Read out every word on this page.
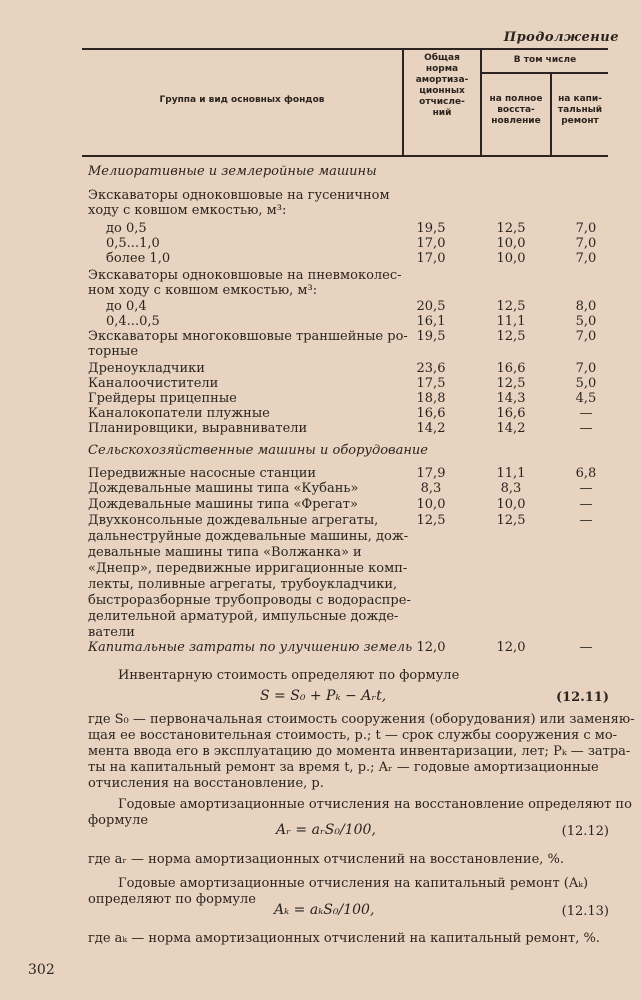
Продолжение
Группа и вид основных фондов
Общая
норма
амортиза-
ционных
отчисле-
ний
В том числе
на полное
восста-
новление
на капи-
тальный
ремонт
Мелиоративные и землеройные машины
Экскаваторы одноковшовые на гусеничном
ходу с ковшом емкостью, м³:
до 0,5	19,5	12,5	7,0
0,5...1,0	17,0	10,0	7,0
более 1,0	17,0	10,0	7,0
Экскаваторы одноковшовые на пневмоколес-
ном ходу с ковшом емкостью, м³:
до 0,4	20,5	12,5	8,0
0,4...0,5	16,1	11,1	5,0
Экскаваторы многоковшовые траншейные ро- 19,5	12,5	7,0
торные
Дреноукладчики	23,6	16,6	7,0
Каналоочистители	17,5	12,5	5,0
Грейдеры прицепные	18,8	14,3	4,5
Каналокопатели плужные	16,6	16,6	—
Планировщики, выравниватели	14,2	14,2	—
Сельскохозяйственные машины и оборудование
Передвижные насосные станции	17,9	11,1	6,8
Дождевальные машины типа «Кубань»	8,3	8,3	—
Дождевальные машины типа «Фрегат»	10,0	10,0	—
Двухконсольные дождевальные агрегаты,	12,5	12,5	—
дальнеструйные дождевальные машины, дож-
девальные машины типа «Волжанка» и
«Днепр», передвижные ирригационные комп-
лекты, поливные агрегаты, трубоукладчики,
быстроразборные трубопроводы с водораспре-
делительной арматурой, импульсные дожде-
ватели
Капитальные затраты по улучшению земель 12,0	12,0	—
Инвентарную стоимость определяют по формуле
S = S₀ + Pₖ − Aᵣt,	(12.11)
где S₀ — первоначальная стоимость сооружения (оборудования) или заменяю-
щая ее восстановительная стоимость, р.; t — срок службы сооружения с мо-
мента ввода его в эксплуатацию до момента инвентаризации, лет; Pₖ — затра-
ты на капитальный ремонт за время t, р.; Aᵣ — годовые амортизационные
отчисления на восстановление, р.
Годовые амортизационные отчисления на восстановление определяют по
формуле
Aᵣ = aᵣS₀/100,	(12.12)
где aᵣ — норма амортизационных отчислений на восстановление, %.
Годовые амортизационные отчисления на капитальный ремонт (Aₖ)
определяют по формуле
Aₖ = aₖS₀/100,	(12.13)
где aₖ — норма амортизационных отчислений на капитальный ремонт, %.
302
